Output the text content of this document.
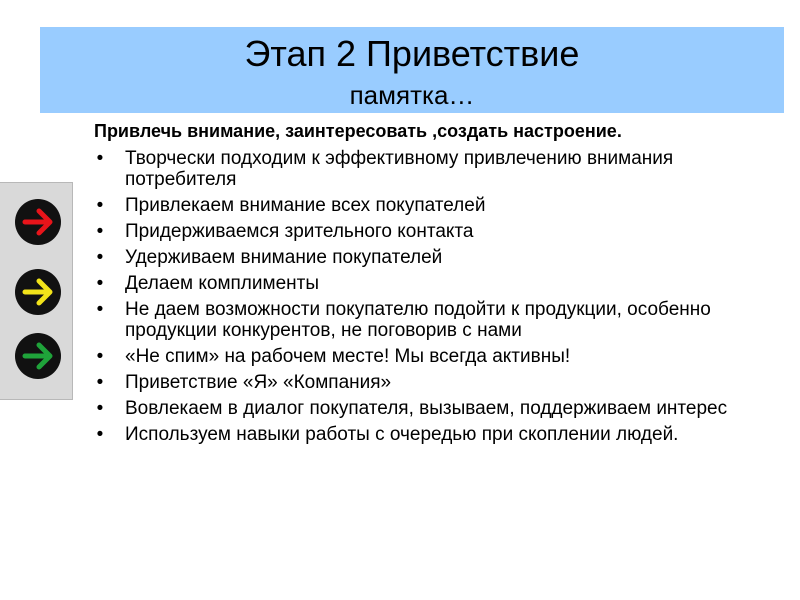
Этап 2 Приветствие
памятка…
Привлечь внимание, заинтересовать ,создать настроение.
• Творчески подходим к эффективному привлечению внимания потребителя
• Привлекаем внимание всех покупателей
• Придерживаемся зрительного контакта
• Удерживаем внимание покупателей
• Делаем комплименты
• Не даем возможности покупателю подойти к продукции, особенно продукции конкурентов, не поговорив с нами
• «Не спим» на рабочем месте! Мы всегда активны!
• Приветствие «Я» «Компания»
• Вовлекаем в диалог покупателя, вызываем, поддерживаем интерес
• Используем навыки работы с очередью при скоплении людей.
